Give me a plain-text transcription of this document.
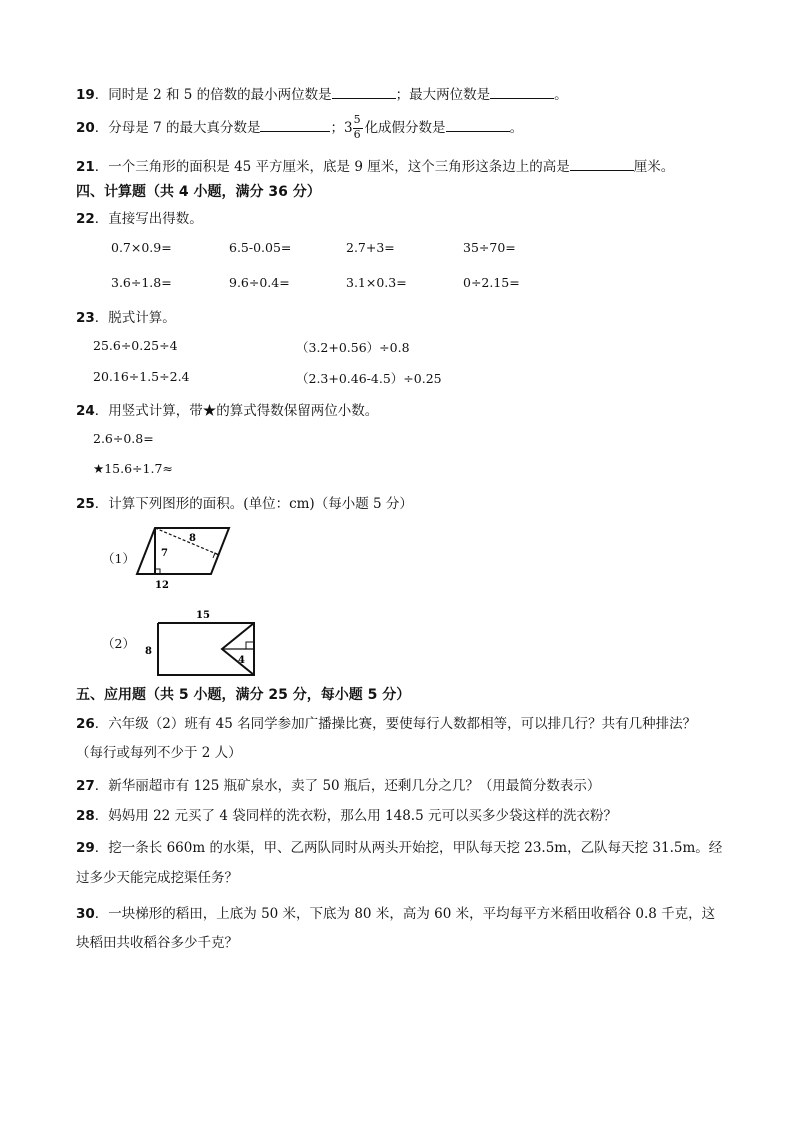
19．同时是 2 和 5 的倍数的最小两位数是	；最大两位数是	。
20．分母是 7 的最大真分数是	；$3 \frac{5}{6}$ 化成假分数是	。
21．一个三角形的面积是 45 平方厘米，底是 9 厘米，这个三角形这条边上的高是	厘米。
四、计算题（共 4 小题，满分 36 分）
22．直接写出得数。
0.7×0.9=	6.5-0.05=	2.7+3=	35÷70=
3.6÷1.8=	9.6÷0.4=	3.1×0.3=	0÷2.15=
23．脱式计算。
25.6÷0.25÷4	（3.2+0.56）÷0.8
20.16÷1.5÷2.4	（2.3+0.46-4.5）÷0.25
24．用竖式计算，带★的算式得数保留两位小数。
2.6÷0.8=
★15.6÷1.7≈
25．计算下列图形的面积。(单位：cm)（每小题 5 分）
（1）	7
8
12
（2）
15
8
4
五、应用题（共 5 小题，满分 25 分，每小题 5 分）
26．六年级（2）班有 45 名同学参加广播操比赛，要使每行人数都相等，可以排几行？共有几种排法？
（每行或每列不少于 2 人）
27．新华丽超市有 125 瓶矿泉水，卖了 50 瓶后，还剩几分之几？（用最简分数表示）
28．妈妈用 22 元买了 4 袋同样的洗衣粉，那么用 148.5 元可以买多少袋这样的洗衣粉？
29．挖一条长 660m 的水渠，甲、乙两队同时从两头开始挖，甲队每天挖 23.5m，乙队每天挖 31.5m。经
过多少天能完成挖渠任务？
30．一块梯形的稻田，上底为 50 米，下底为 80 米，高为 60 米，平均每平方米稻田收稻谷 0.8 千克，这
块稻田共收稻谷多少千克？
